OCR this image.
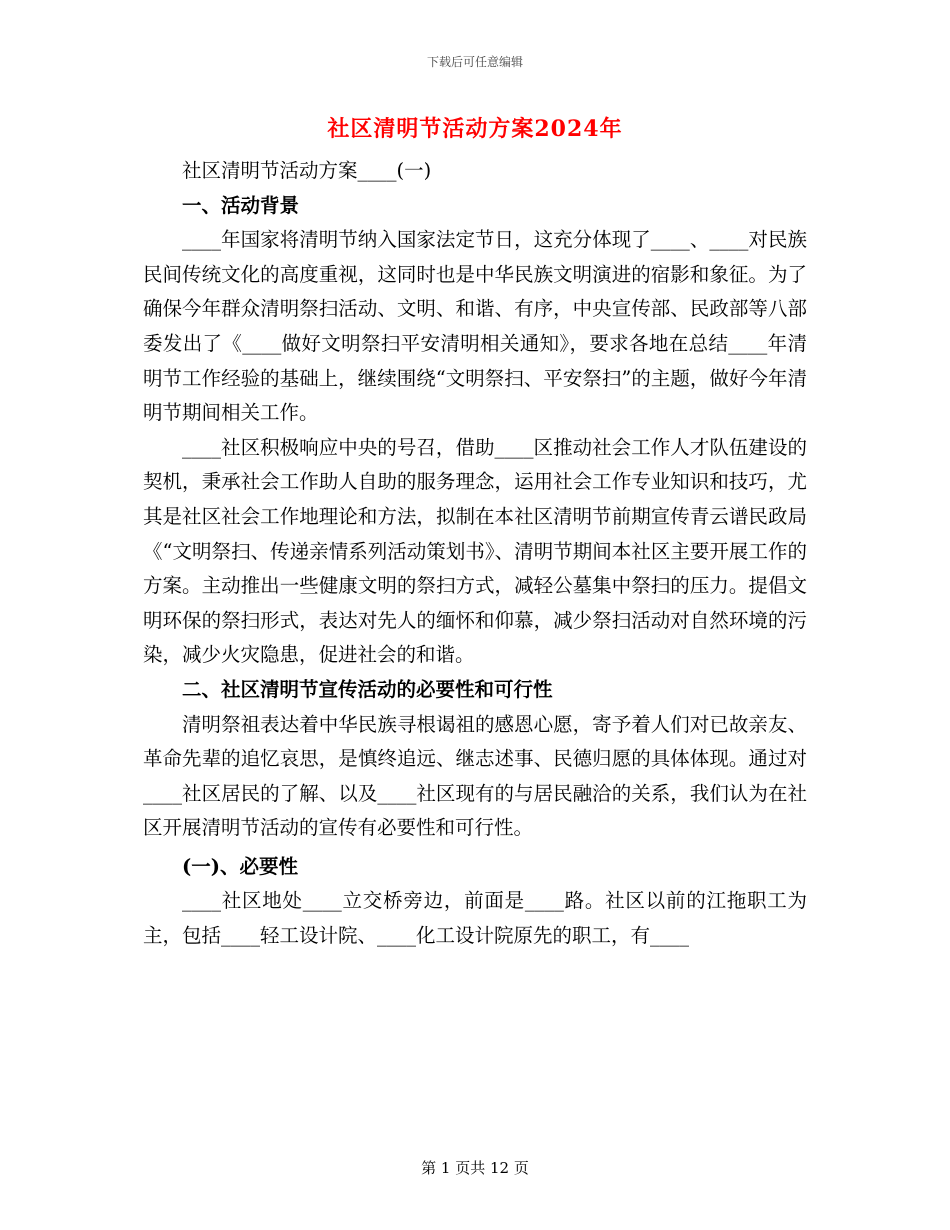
下载后可任意编辑
社区清明节活动方案2024年

社区清明节活动方案____(一)

一、活动背景

____年国家将清明节纳入国家法定节日，这充分体现了____、____对民族民间传统文化的高度重视，这同时也是中华民族文明演进的宿影和象征。为了确保今年群众清明祭扫活动、文明、和谐、有序，中央宣传部、民政部等八部委发出了《____做好文明祭扫平安清明相关通知》，要求各地在总结____年清明节工作经验的基础上，继续围绕“文明祭扫、平安祭扫”的主题，做好今年清明节期间相关工作。

____社区积极响应中央的号召，借助____区推动社会工作人才队伍建设的契机，秉承社会工作助人自助的服务理念，运用社会工作专业知识和技巧，尤其是社区社会工作地理论和方法，拟制在本社区清明节前期宣传青云谱民政局《“文明祭扫、传递亲情系列活动策划书》、清明节期间本社区主要开展工作的方案。主动推出一些健康文明的祭扫方式，减轻公墓集中祭扫的压力。提倡文明环保的祭扫形式，表达对先人的缅怀和仰慕，减少祭扫活动对自然环境的污染，减少火灾隐患，促进社会的和谐。

二、社区清明节宣传活动的必要性和可行性

清明祭祖表达着中华民族寻根谒祖的感恩心愿，寄予着人们对已故亲友、革命先辈的追忆哀思，是慎终追远、继志述事、民德归愿的具体体现。通过对____社区居民的了解、以及____社区现有的与居民融洽的关系，我们认为在社区开展清明节活动的宣传有必要性和可行性。

(一)、必要性

____社区地处____立交桥旁边，前面是____路。社区以前的江拖职工为主，包括____轻工设计院、____化工设计院原先的职工，有____

第 1 页共 12 页
